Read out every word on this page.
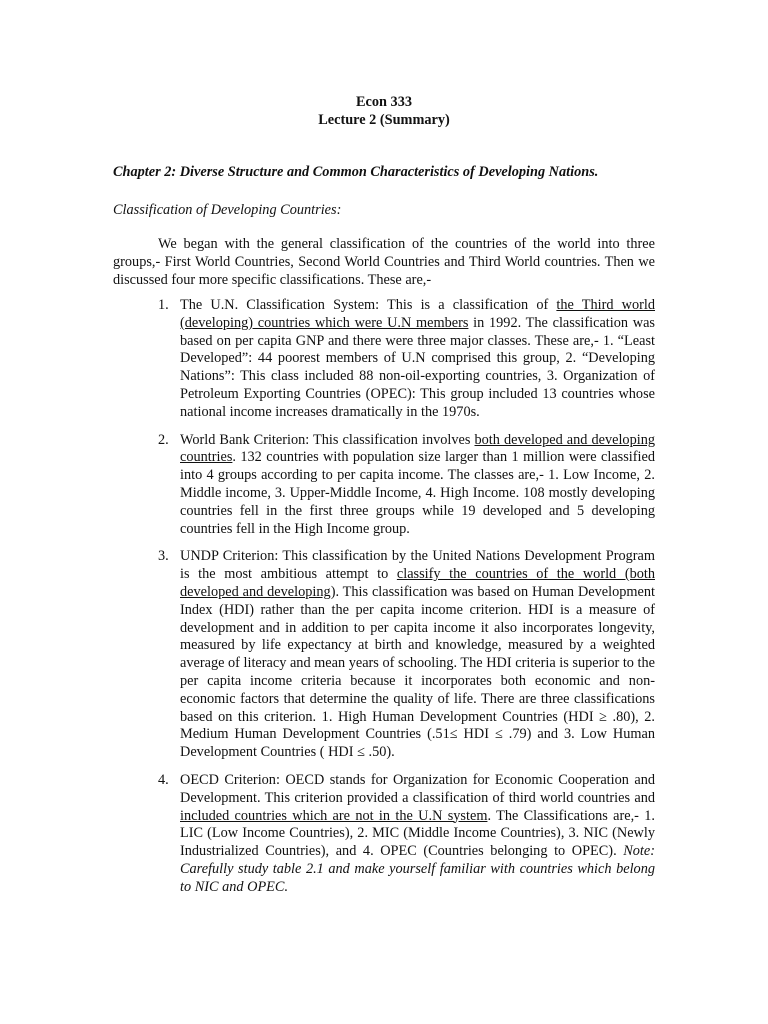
Econ 333
Lecture 2 (Summary)
Chapter 2: Diverse Structure and Common Characteristics of Developing Nations.
Classification of Developing Countries:
We began with the general classification of the countries of the world into three groups,- First World Countries, Second World Countries and Third World countries. Then we discussed four more specific classifications. These are,-
1. The U.N. Classification System: This is a classification of the Third world (developing) countries which were U.N members in 1992. The classification was based on per capita GNP and there were three major classes. These are,- 1. “Least Developed”: 44 poorest members of U.N comprised this group, 2. “Developing Nations”: This class included 88 non-oil-exporting countries, 3. Organization of Petroleum Exporting Countries (OPEC): This group included 13 countries whose national income increases dramatically in the 1970s.
2. World Bank Criterion: This classification involves both developed and developing countries. 132 countries with population size larger than 1 million were classified into 4 groups according to per capita income. The classes are,- 1. Low Income, 2. Middle income, 3. Upper-Middle Income, 4. High Income. 108 mostly developing countries fell in the first three groups while 19 developed and 5 developing countries fell in the High Income group.
3. UNDP Criterion: This classification by the United Nations Development Program is the most ambitious attempt to classify the countries of the world (both developed and developing). This classification was based on Human Development Index (HDI) rather than the per capita income criterion. HDI is a measure of development and in addition to per capita income it also incorporates longevity, measured by life expectancy at birth and knowledge, measured by a weighted average of literacy and mean years of schooling. The HDI criteria is superior to the per capita income criteria because it incorporates both economic and non-economic factors that determine the quality of life. There are three classifications based on this criterion. 1. High Human Development Countries (HDI ≥ .80), 2. Medium Human Development Countries (.51≤ HDI ≤ .79) and 3. Low Human Development Countries ( HDI ≤ .50).
4. OECD Criterion: OECD stands for Organization for Economic Cooperation and Development. This criterion provided a classification of third world countries and included countries which are not in the U.N system. The Classifications are,- 1. LIC (Low Income Countries), 2. MIC (Middle Income Countries), 3. NIC (Newly Industrialized Countries), and 4. OPEC (Countries belonging to OPEC). Note: Carefully study table 2.1 and make yourself familiar with countries which belong to NIC and OPEC.
